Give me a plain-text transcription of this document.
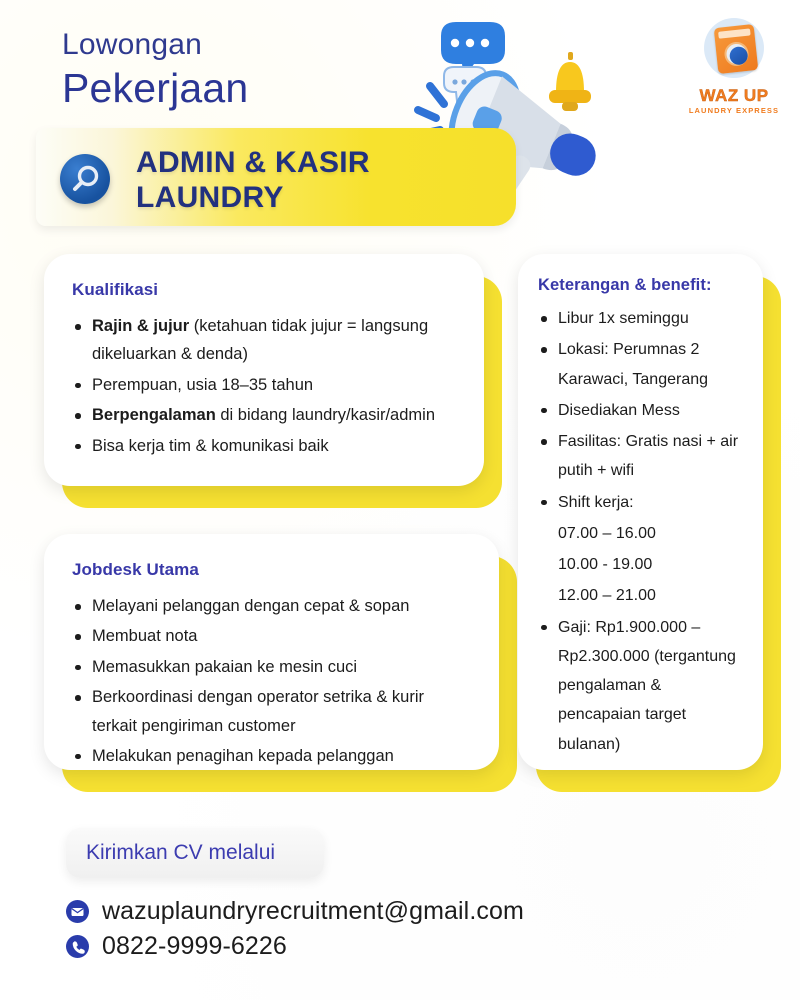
Lowongan
Pekerjaan	WAZ UP
LAUNDRY EXPRESS
ADMIN & KASIR
LAUNDRY
Kualifikasi
Rajin & jujur (ketahuan tidak jujur = langsung dikeluarkan & denda)
Perempuan, usia 18–35 tahun
Berpengalaman di bidang laundry/kasir/admin
Bisa kerja tim & komunikasi baik
Jobdesk Utama
Melayani pelanggan dengan cepat & sopan
Membuat nota
Memasukkan pakaian ke mesin cuci
Berkoordinasi dengan operator setrika & kurir terkait pengiriman customer
Melakukan penagihan kepada pelanggan
Keterangan & benefit:
Libur 1x seminggu
Lokasi: Perumnas 2 Karawaci, Tangerang
Disediakan Mess
Fasilitas: Gratis nasi + air putih + wifi
Shift kerja:
07.00 – 16.00
10.00 - 19.00
12.00 – 21.00
Gaji: Rp1.900.000 – Rp2.300.000 (tergantung pengalaman & pencapaian target bulanan)
Kirimkan CV melalui
wazuplaundryrecruitment@gmail.com
0822-9999-6226
